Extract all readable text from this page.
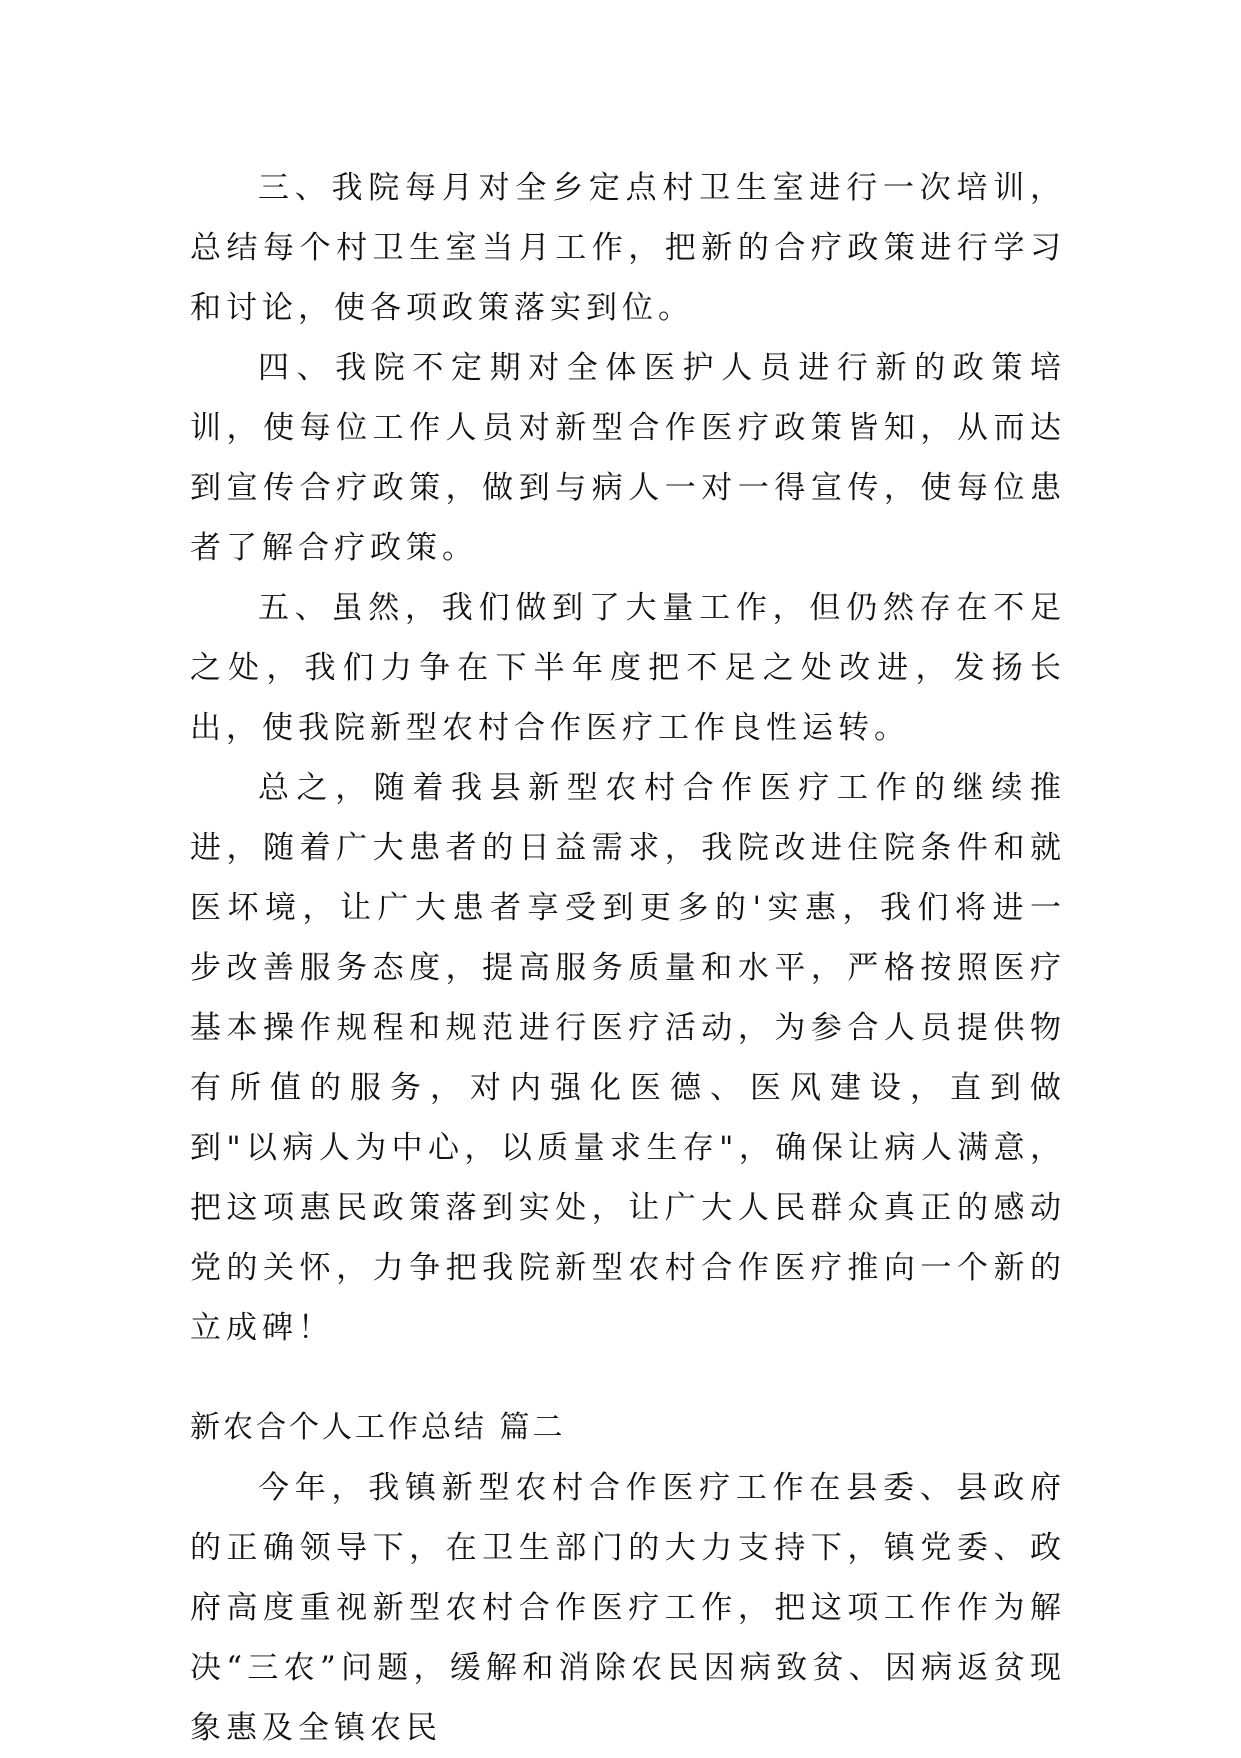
三、我院每月对全乡定点村卫生室进行一次培训，总结每个村卫生室当月工作，把新的合疗政策进行学习和讨论，使各项政策落实到位。

四、我院不定期对全体医护人员进行新的政策培训，使每位工作人员对新型合作医疗政策皆知，从而达到宣传合疗政策，做到与病人一对一得宣传，使每位患者了解合疗政策。

五、虽然，我们做到了大量工作，但仍然存在不足之处，我们力争在下半年度把不足之处改进，发扬长出，使我院新型农村合作医疗工作良性运转。

总之，随着我县新型农村合作医疗工作的继续推进，随着广大患者的日益需求，我院改进住院条件和就医坏境，让广大患者享受到更多的'实惠，我们将进一步改善服务态度，提高服务质量和水平，严格按照医疗基本操作规程和规范进行医疗活动，为参合人员提供物有所值的服务，对内强化医德、医风建设，直到做到"以病人为中心，以质量求生存"，确保让病人满意，把这项惠民政策落到实处，让广大人民群众真正的感动党的关怀，力争把我院新型农村合作医疗推向一个新的立成碑！

新农合个人工作总结 篇二

今年，我镇新型农村合作医疗工作在县委、县政府的正确领导下，在卫生部门的大力支持下，镇党委、政府高度重视新型农村合作医疗工作，把这项工作作为解决“三农”问题，缓解和消除农民因病致贫、因病返贫现象惠及全镇农民
